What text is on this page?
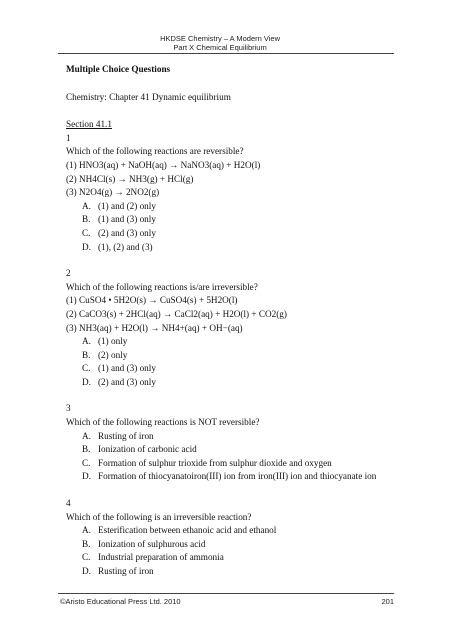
HKDSE Chemistry – A Modern View
Part X Chemical Equilibrium
Multiple Choice Questions
Chemistry: Chapter 41 Dynamic equilibrium
Section 41.1
1
Which of the following reactions are reversible?
(1) HNO3(aq) + NaOH(aq) → NaNO3(aq) + H2O(l)
(2) NH4Cl(s) → NH3(g) + HCl(g)
(3) N2O4(g) → 2NO2(g)
A. (1) and (2) only
B. (1) and (3) only
C. (2) and (3) only
D. (1), (2) and (3)
2
Which of the following reactions is/are irreversible?
(1) CuSO4 • 5H2O(s) → CuSO4(s) + 5H2O(l)
(2) CaCO3(s) + 2HCl(aq) → CaCl2(aq) + H2O(l) + CO2(g)
(3) NH3(aq) + H2O(l) → NH4+(aq) + OH−(aq)
A. (1) only
B. (2) only
C. (1) and (3) only
D. (2) and (3) only
3
Which of the following reactions is NOT reversible?
A. Rusting of iron
B. Ionization of carbonic acid
C. Formation of sulphur trioxide from sulphur dioxide and oxygen
D. Formation of thiocyanatoiron(III) ion from iron(III) ion and thiocyanate ion
4
Which of the following is an irreversible reaction?
A. Esterification between ethanoic acid and ethanol
B. Ionization of sulphurous acid
C. Industrial preparation of ammonia
D. Rusting of iron
©Aristo Educational Press Ltd. 2010	201
